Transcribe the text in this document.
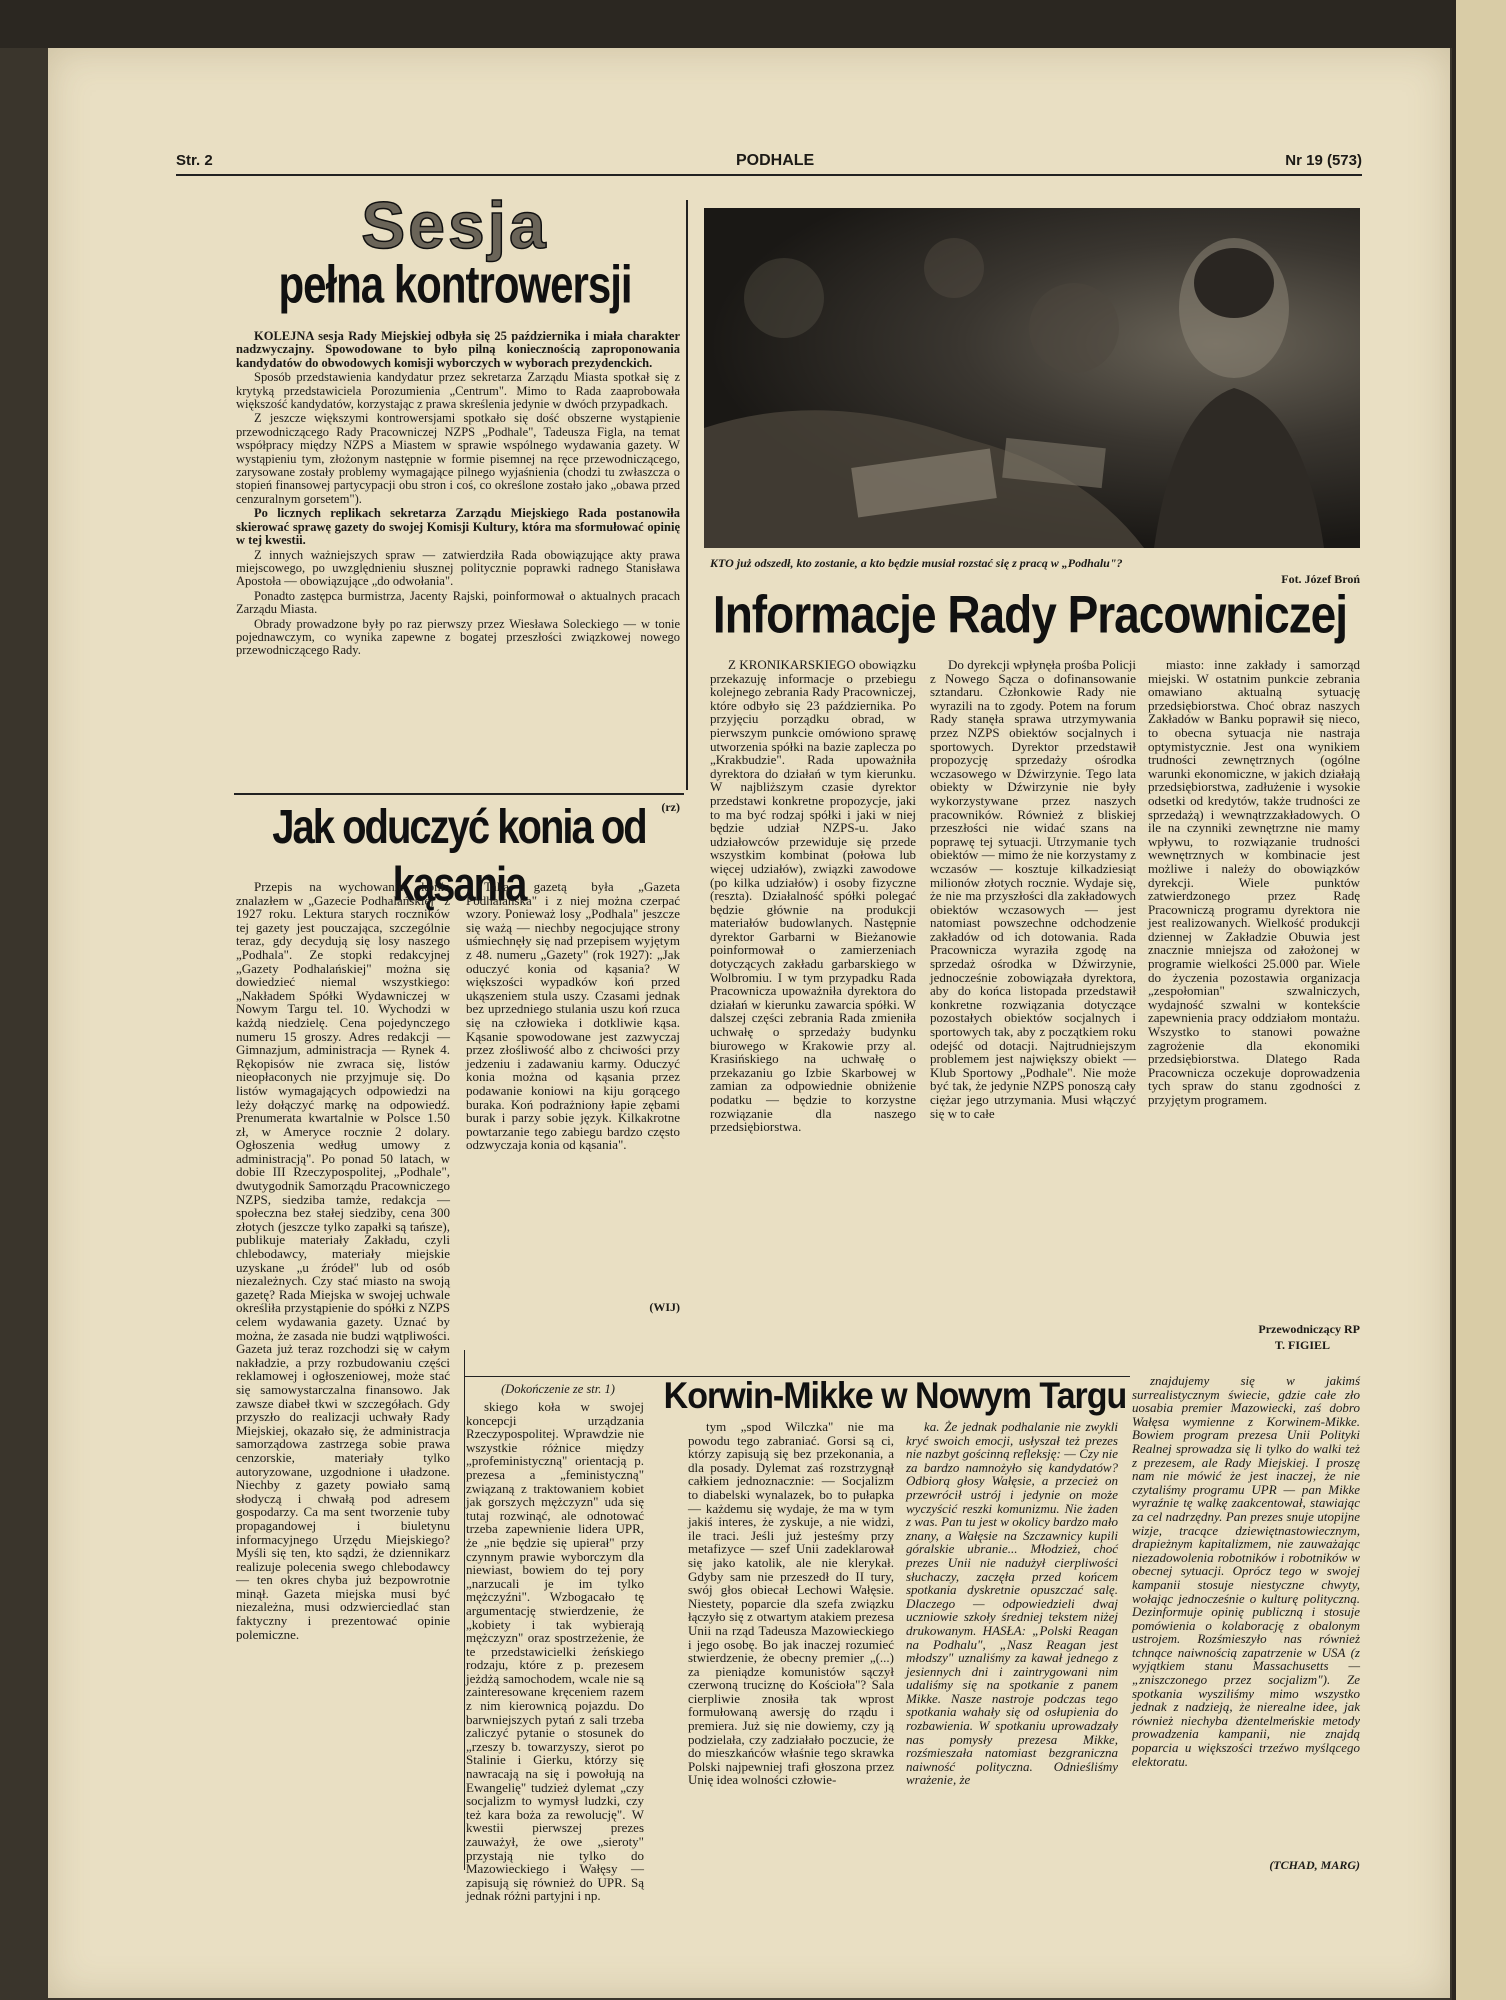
Str. 2	PODHALE	Nr 19 (573)
Sesja
pełna kontrowersji

KOLEJNA sesja Rady Miejskiej odbyła się 25 października i miała charakter nadzwyczajny. Spowodowane to było pilną koniecznością zaproponowania kandydatów do obwodowych komisji wyborczych w wyborach prezydenckich.

Sposób przedstawienia kandydatur przez sekretarza Zarządu Miasta spotkał się z krytyką przedstawiciela Porozumienia „Centrum". Mimo to Rada zaaprobowała większość kandydatów, korzystając z prawa skreślenia jedynie w dwóch przypadkach.

Z jeszcze większymi kontrowersjami spotkało się dość obszerne wystąpienie przewodniczącego Rady Pracowniczej NZPS „Podhale", Tadeusza Figla, na temat współpracy między NZPS a Miastem w sprawie wspólnego wydawania gazety. W wystąpieniu tym, złożonym następnie w formie pisemnej na ręce przewodniczącego, zarysowane zostały problemy wymagające pilnego wyjaśnienia (chodzi tu zwłaszcza o stopień finansowej partycypacji obu stron i coś, co określone zostało jako „obawa przed cenzuralnym gorsetem").

Po licznych replikach sekretarza Zarządu Miejskiego Rada postanowiła skierować sprawę gazety do swojej Komisji Kultury, która ma sformułować opinię w tej kwestii.

Z innych ważniejszych spraw — zatwierdziła Rada obowiązujące akty prawa miejscowego, po uwzględnieniu słusznej politycznie poprawki radnego Stanisława Apostoła — obowiązujące „do odwołania".

Ponadto zastępca burmistrza, Jacenty Rajski, poinformował o aktualnych pracach Zarządu Miasta.

Obrady prowadzone były po raz pierwszy przez Wiesława Soleckiego — w tonie pojednawczym, co wynika zapewne z bogatej przeszłości związkowej nowego przewodniczącego Rady.

(rz)
KTO już odszedł, kto zostanie, a kto będzie musiał rozstać się z pracą w „Podhalu"?
Fot. Józef Broń
Informacje Rady Pracowniczej

Z KRONIKARSKIEGO obowiązku przekazuję informacje o przebiegu kolejnego zebrania Rady Pracowniczej, które odbyło się 23 października. Po przyjęciu porządku obrad, w pierwszym punkcie omówiono sprawę utworzenia spółki na bazie zaplecza po „Krakbudzie". Rada upoważniła dyrektora do działań w tym kierunku. W najbliższym czasie dyrektor przedstawi konkretne propozycje, jaki to ma być rodzaj spółki i jaki w niej będzie udział NZPS-u. Jako udziałowców przewiduje się przede wszystkim kombinat (połowa lub więcej udziałów), związki zawodowe (po kilka udziałów) i osoby fizyczne (reszta). Działalność spółki polegać będzie głównie na produkcji materiałów budowlanych. Następnie dyrektor Garbarni w Bieżanowie poinformował o zamierzeniach dotyczących zakładu garbarskiego w Wolbromiu. I w tym przypadku Rada Pracownicza upoważniła dyrektora do działań w kierunku zawarcia spółki. W dalszej części zebrania Rada zmieniła uchwałę o sprzedaży budynku biurowego w Krakowie przy al. Krasińskiego na uchwałę o przekazaniu go Izbie Skarbowej w zamian za odpowiednie obniżenie podatku — będzie to korzystne rozwiązanie dla naszego przedsiębiorstwa.

Do dyrekcji wpłynęła prośba Policji z Nowego Sącza o dofinansowanie sztandaru. Członkowie Rady nie wyrazili na to zgody. Potem na forum Rady stanęła sprawa utrzymywania przez NZPS obiektów socjalnych i sportowych. Dyrektor przedstawił propozycję sprzedaży ośrodka wczasowego w Dźwirzynie. Tego lata obiekty w Dźwirzynie nie były wykorzystywane przez naszych pracowników. Również z bliskiej przeszłości nie widać szans na poprawę tej sytuacji. Utrzymanie tych obiektów — mimo że nie korzystamy z wczasów — kosztuje kilkadziesiąt milionów złotych rocznie. Wydaje się, że nie ma przyszłości dla zakładowych obiektów wczasowych — jest natomiast powszechne odchodzenie zakładów od ich dotowania. Rada Pracownicza wyraziła zgodę na sprzedaż ośrodka w Dźwirzynie, jednocześnie zobowiązała dyrektora, aby do końca listopada przedstawił konkretne rozwiązania dotyczące pozostałych obiektów socjalnych i sportowych tak, aby z początkiem roku odejść od dotacji. Najtrudniejszym problemem jest największy obiekt — Klub Sportowy „Podhale". Nie może być tak, że jedynie NZPS ponoszą cały ciężar jego utrzymania. Musi włączyć się w to całe

miasto: inne zakłady i samorząd miejski. W ostatnim punkcie zebrania omawiano aktualną sytuację przedsiębiorstwa. Choć obraz naszych Zakładów w Banku poprawił się nieco, to obecna sytuacja nie nastraja optymistycznie. Jest ona wynikiem trudności zewnętrznych (ogólne warunki ekonomiczne, w jakich działają przedsiębiorstwa, zadłużenie i wysokie odsetki od kredytów, także trudności ze sprzedażą) i wewnątrzzakładowych. O ile na czynniki zewnętrzne nie mamy wpływu, to rozwiązanie trudności wewnętrznych w kombinacie jest możliwe i należy do obowiązków dyrekcji. Wiele punktów zatwierdzonego przez Radę Pracowniczą programu dyrektora nie jest realizowanych. Wielkość produkcji dziennej w Zakładzie Obuwia jest znacznie mniejsza od założonej w programie wielkości 25.000 par. Wiele do życzenia pozostawia organizacja „zespołomian" szwalniczych, wydajność szwalni w kontekście zapewnienia pracy oddziałom montażu. Wszystko to stanowi poważne zagrożenie dla ekonomiki przedsiębiorstwa. Dlatego Rada Pracownicza oczekuje doprowadzenia tych spraw do stanu zgodności z przyjętym programem.

Przewodniczący RP
T. FIGIEL
Jak oduczyć konia od kąsania

Przepis na wychowanie konia znalazłem w „Gazecie Podhalańskiej" z 1927 roku. Lektura starych roczników tej gazety jest pouczająca, szczególnie teraz, gdy decydują się losy naszego „Podhala". Ze stopki redakcyjnej „Gazety Podhalańskiej" można się dowiedzieć niemal wszystkiego: „Nakładem Spółki Wydawniczej w Nowym Targu tel. 10. Wychodzi w każdą niedzielę. Cena pojedynczego numeru 15 groszy. Adres redakcji — Gimnazjum, administracja — Rynek 4. Rękopisów nie zwraca się, listów nieopłaconych nie przyjmuje się. Do listów wymagających odpowiedzi na leży dołączyć markę na odpowiedź. Prenumerata kwartalnie w Polsce 1.50 zł, w Ameryce rocznie 2 dolary. Ogłoszenia według umowy z administracją". Po ponad 50 latach, w dobie III Rzeczypospolitej, „Podhale", dwutygodnik Samorządu Pracowniczego NZPS, siedziba tamże, redakcja — społeczna bez stałej siedziby, cena 300 złotych (jeszcze tylko zapałki są tańsze), publikuje materiały Zakładu, czyli chlebodawcy, materiały miejskie uzyskane „u źródeł" lub od osób niezależnych. Czy stać miasto na swoją gazetę? Rada Miejska w swojej uchwale określiła przystąpienie do spółki z NZPS celem wydawania gazety. Uznać by można, że zasada nie budzi wątpliwości. Gazeta już teraz rozchodzi się w całym nakładzie, a przy rozbudowaniu części reklamowej i ogłoszeniowej, może stać się samowystarczalna finansowo. Jak zawsze diabeł tkwi w szczegółach. Gdy przyszło do realizacji uchwały Rady Miejskiej, okazało się, że administracja samorządowa zastrzega sobie prawa cenzorskie, materiały tylko autoryzowane, uzgodnione i uładzone. Niechby z gazety powiało samą słodyczą i chwałą pod adresem gospodarzy. Ca ma sent tworzenie tuby propagandowej i biuletynu informacyjnego Urzędu Miejskiego? Myśli się ten, kto sądzi, że dziennikarz realizuje polecenia swego chlebodawcy — ten okres chyba już bezpowrotnie minął. Gazeta miejska musi być niezależna, musi odzwierciedlać stan faktyczny i prezentować opinie polemiczne.

Taką gazetą była „Gazeta Podhalańska" i z niej można czerpać wzory. Ponieważ losy „Podhala" jeszcze się ważą — niechby negocjujące strony uśmiechnęły się nad przepisem wyjętym z 48. numeru „Gazety" (rok 1927): „Jak oduczyć konia od kąsania? W większości wypadków koń przed ukąszeniem stula uszy. Czasami jednak bez uprzedniego stulania uszu koń rzuca się na człowieka i dotkliwie kąsa. Kąsanie spowodowane jest zazwyczaj przez złośliwość albo z chciwości przy jedzeniu i zadawaniu karmy. Oduczyć konia można od kąsania przez podawanie koniowi na kiju gorącego buraka. Koń podrażniony łapie zębami burak i parzy sobie język. Kilkakrotne powtarzanie tego zabiegu bardzo często odzwyczaja konia od kąsania".

(WIJ)
(Dokończenie ze str. 1)	Korwin-Mikke w Nowym Targu

skiego koła w swojej koncepcji urządzania Rzeczypospolitej. Wprawdzie nie wszystkie różnice między „profeministyczną" orientacją p. prezesa a „feministyczną" związaną z traktowaniem kobiet jak gorszych mężczyzn" uda się tutaj rozwinąć, ale odnotować trzeba zapewnienie lidera UPR, że „nie będzie się upierał" przy czynnym prawie wyborczym dla niewiast, bowiem do tej pory „narzucali je im tylko mężczyźni". Wzbogacało tę argumentację stwierdzenie, że „kobiety i tak wybierają mężczyzn" oraz spostrzeżenie, że te przedstawicielki żeńskiego rodzaju, które z p. prezesem jeżdżą samochodem, wcale nie są zainteresowane kręceniem razem z nim kierownicą pojazdu. Do barwniejszych pytań z sali trzeba zaliczyć pytanie o stosunek do „rzeszy b. towarzyszy, sierot po Stalinie i Gierku, którzy się nawracają na się i powołują na Ewangelię" tudzież dylemat „czy socjalizm to wymysł ludzki, czy też kara boża za rewolucję". W kwestii pierwszej prezes zauważył, że owe „sieroty" przystają nie tylko do Mazowieckiego i Wałęsy — zapisują się również do UPR. Są jednak różni partyjni i np.

tym „spod Wilczka" nie ma powodu tego zabraniać. Gorsi są ci, którzy zapisują się bez przekonania, a dla posady. Dylemat zaś rozstrzygnął całkiem jednoznacznie: — Socjalizm to diabelski wynalazek, bo to pułapka — każdemu się wydaje, że ma w tym jakiś interes, że zyskuje, a nie widzi, ile traci. Jeśli już jesteśmy przy metafizyce — szef Unii zadeklarował się jako katolik, ale nie klerykał. Gdyby sam nie przeszedł do II tury, swój głos obiecał Lechowi Wałęsie. Niestety, poparcie dla szefa związku łączyło się z otwartym atakiem prezesa Unii na rząd Tadeusza Mazowieckiego i jego osobę. Bo jak inaczej rozumieć stwierdzenie, że obecny premier „(...) za pieniądze komunistów sączył czerwoną truciznę do Kościoła"? Sala cierpliwie znosiła tak wprost formułowaną awersję do rządu i premiera. Już się nie dowiemy, czy ją podzielała, czy zadziałało poczucie, że do mieszkańców właśnie tego skrawka Polski najpewniej trafi głoszona przez Unię idea wolności człowie-

ka. Że jednak podhalanie nie zwykli kryć swoich emocji, usłyszał też prezes nie nazbyt gościnną refleksję: — Czy nie za bardzo namnożyło się kandydatów? Odbiorą głosy Wałęsie, a przecież on przewrócił ustrój i jedynie on może wyczyścić reszki komunizmu. Nie żaden z was. Pan tu jest w okolicy bardzo mało znany, a Wałęsie na Szczawnicy kupili góralskie ubranie... Młodzież, choć prezes Unii nie nadużył cierpliwości słuchaczy, zaczęła przed końcem spotkania dyskretnie opuszczać salę. Dlaczego — odpowiedzieli dwaj uczniowie szkoły średniej tekstem niżej drukowanym. HASŁA: „Polski Reagan na Podhalu", „Nasz Reagan jest młodszy" uznaliśmy za kawał jednego z jesiennych dni i zaintrygowani nim udaliśmy się na spotkanie z panem Mikke. Nasze nastroje podczas tego spotkania wahały się od osłupienia do rozbawienia. W spotkaniu uprowadzały nas pomysły prezesa Mikke, rozśmieszała natomiast bezgraniczna naiwność polityczna. Odnieśliśmy wrażenie, że

znajdujemy się w jakimś surrealistycznym świecie, gdzie całe zło uosabia premier Mazowiecki, zaś dobro Wałęsa wymienne z Korwinem-Mikke. Bowiem program prezesa Unii Polityki Realnej sprowadza się li tylko do walki też z prezesem, ale Rady Miejskiej. I proszę nam nie mówić że jest inaczej, że nie czytaliśmy programu UPR — pan Mikke wyraźnie tę walkę zaakcentował, stawiając za cel nadrzędny. Pan prezes snuje utopijne wizje, tracące dziewiętnastowiecznym, drapieżnym kapitalizmem, nie zauważając niezadowolenia robotników i robotników w obecnej sytuacji. Oprócz tego w swojej kampanii stosuje niestyczne chwyty, wołając jednocześnie o kulturę polityczną. Dezinformuje opinię publiczną i stosuje pomówienia o kolaborację z obalonym ustrojem. Rozśmieszyło nas również tchnące naiwnością zapatrzenie w USA (z wyjątkiem stanu Massachusetts — „zniszczonego przez socjalizm"). Ze spotkania wysziliśmy mimo wszystko jednak z nadzieją, że nierealne idee, jak również niechyba dżentelmeńskie metody prowadzenia kampanii, nie znajdą poparcia u większości trzeźwo myślącego elektoratu.

(TCHAD, MARG)
